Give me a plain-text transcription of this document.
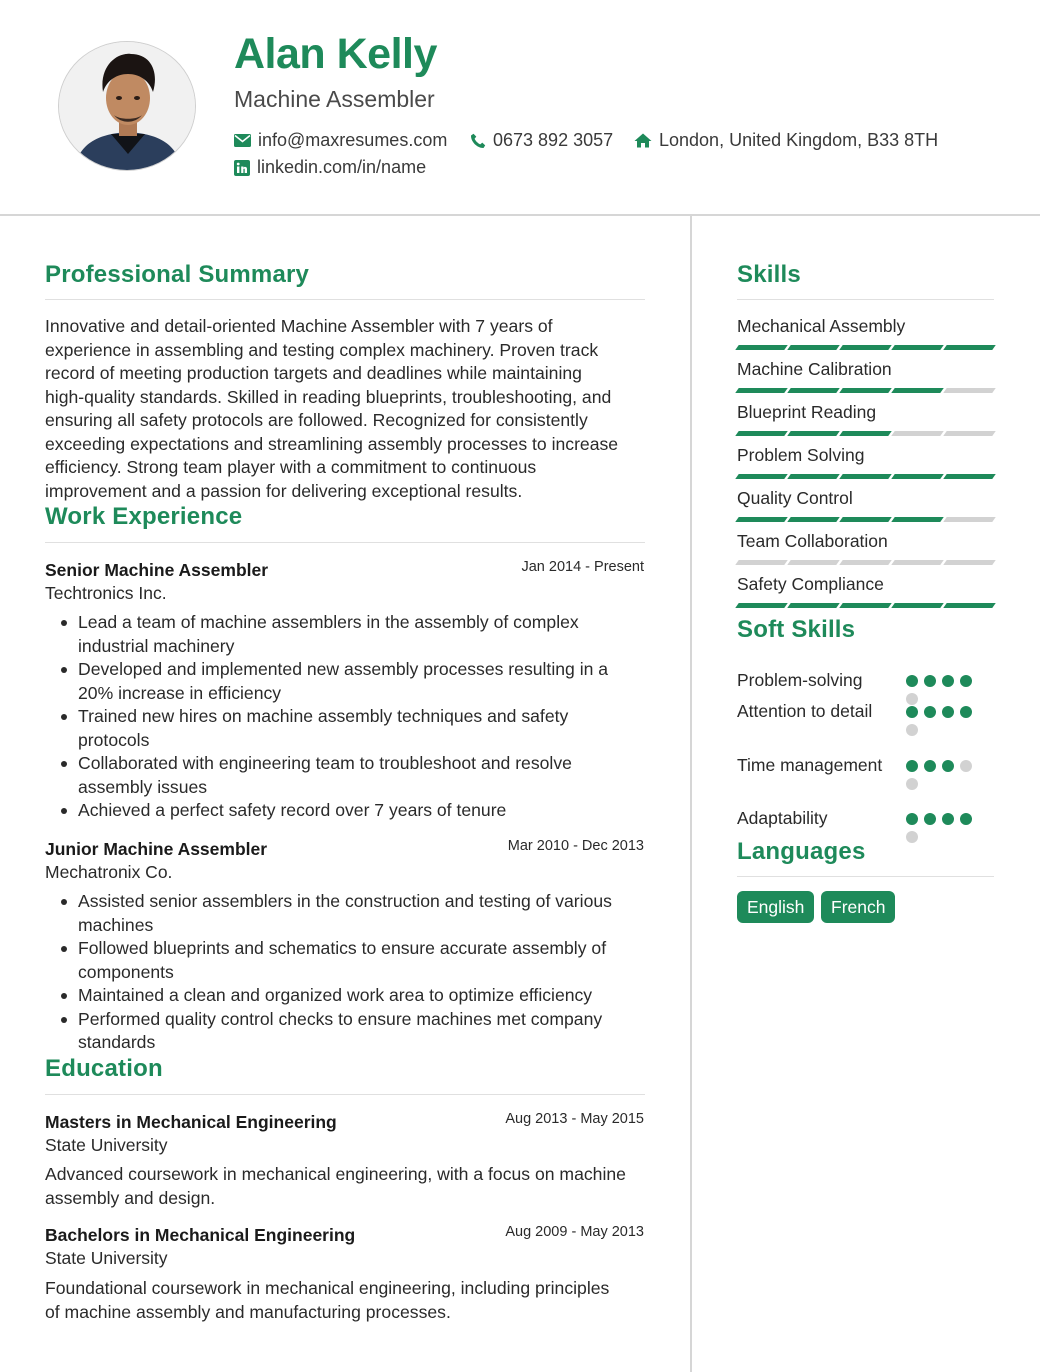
Alan Kelly
Machine Assembler
info@maxresumes.com	0673 892 3057	London, United Kingdom, B33 8TH
linkedin.com/in/name
Professional Summary
Innovative and detail-oriented Machine Assembler with 7 years of
experience in assembling and testing complex machinery. Proven track
record of meeting production targets and deadlines while maintaining
high-quality standards. Skilled in reading blueprints, troubleshooting, and
ensuring all safety protocols are followed. Recognized for consistently
exceeding expectations and streamlining assembly processes to increase
efficiency. Strong team player with a commitment to continuous
improvement and a passion for delivering exceptional results.
Work Experience
Senior Machine Assembler	Jan 2014 - Present
Techtronics Inc.
Lead a team of machine assemblers in the assembly of complex
industrial machinery
Developed and implemented new assembly processes resulting in a
20% increase in efficiency
Trained new hires on machine assembly techniques and safety
protocols
Collaborated with engineering team to troubleshoot and resolve
assembly issues
Achieved a perfect safety record over 7 years of tenure
Junior Machine Assembler	Mar 2010 - Dec 2013
Mechatronix Co.
Assisted senior assemblers in the construction and testing of various
machines
Followed blueprints and schematics to ensure accurate assembly of
components
Maintained a clean and organized work area to optimize efficiency
Performed quality control checks to ensure machines met company
standards
Education
Masters in Mechanical Engineering	Aug 2013 - May 2015
State University
Advanced coursework in mechanical engineering, with a focus on machine
assembly and design.
Bachelors in Mechanical Engineering	Aug 2009 - May 2013
State University
Foundational coursework in mechanical engineering, including principles
of machine assembly and manufacturing processes.
Skills
Mechanical Assembly
Machine Calibration
Blueprint Reading
Problem Solving
Quality Control
Team Collaboration
Safety Compliance
Soft Skills
Problem-solving
Attention to detail
Time management
Adaptability
Languages
English	French
